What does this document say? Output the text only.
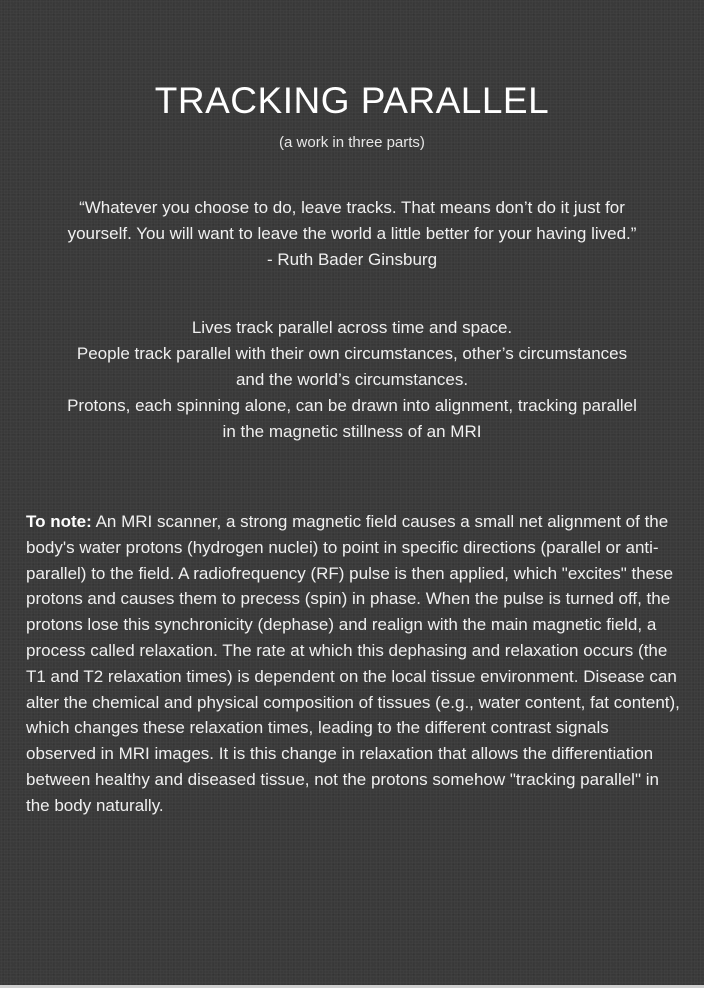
TRACKING PARALLEL
(a work in three parts)

“Whatever you choose to do, leave tracks. That means don’t do it just for

yourself. You will want to leave the world a little better for your having lived.”

- Ruth Bader Ginsburg

Lives track parallel across time and space.

People track parallel with their own circumstances, other’s circumstances

and the world’s circumstances.

Protons, each spinning alone, can be drawn into alignment, tracking parallel

in the magnetic stillness of an MRI

To note: An MRI scanner, a strong magnetic field causes a small net alignment of the body's water protons (hydrogen nuclei) to point in specific directions (parallel or anti-parallel) to the field. A radiofrequency (RF) pulse is then applied, which "excites" these protons and causes them to precess (spin) in phase. When the pulse is turned off, the protons lose this synchronicity (dephase) and realign with the main magnetic field, a process called relaxation. The rate at which this dephasing and relaxation occurs (the T1 and T2 relaxation times) is dependent on the local tissue environment. Disease can alter the chemical and physical composition of tissues (e.g., water content, fat content), which changes these relaxation times, leading to the different contrast signals observed in MRI images. It is this change in relaxation that allows the differentiation between healthy and diseased tissue, not the protons somehow "tracking parallel" in the body naturally.
